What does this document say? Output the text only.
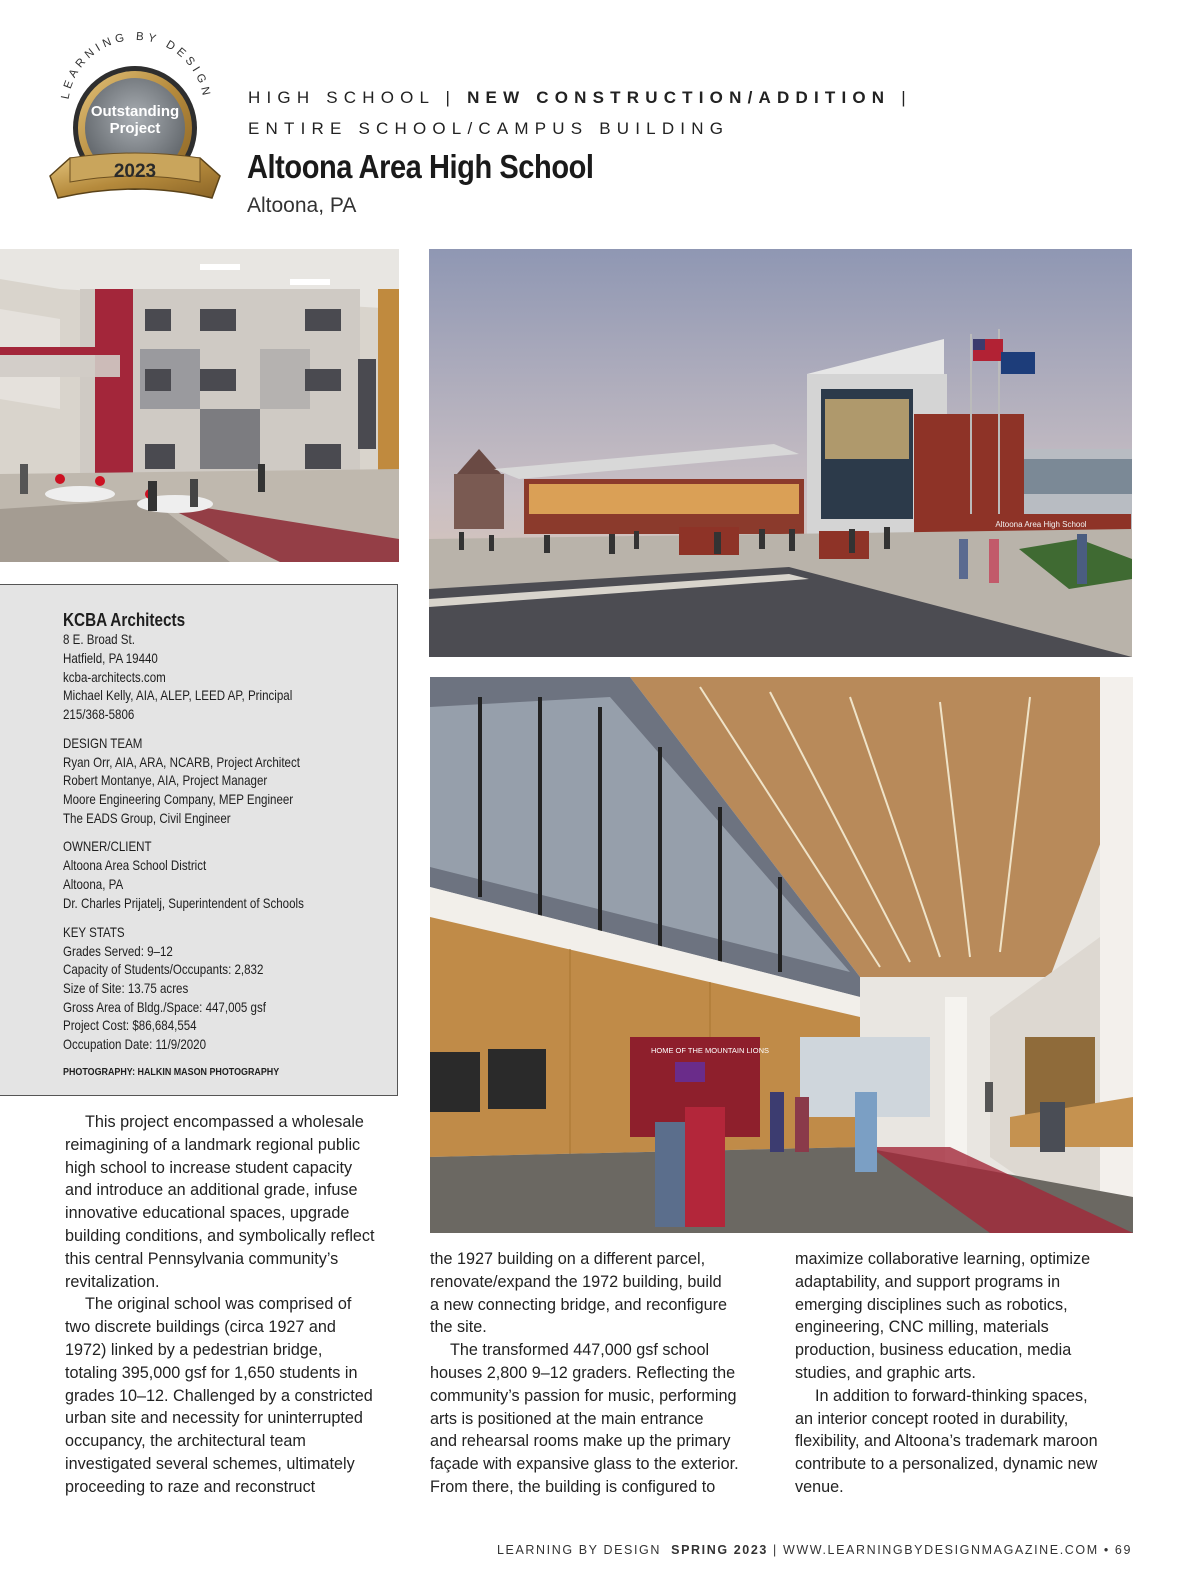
LEARNING BY DESIGN
Outstanding
Project
2023
HIGH SCHOOL | NEW CONSTRUCTION/ADDITION |
ENTIRE SCHOOL/CAMPUS BUILDING
Altoona Area High School
Altoona, PA
Altoona Area High School
HOME OF THE MOUNTAIN LIONS
KCBA Architects
8 E. Broad St.
Hatfield, PA 19440
kcba-architects.com
Michael Kelly, AIA, ALEP, LEED AP, Principal
215/368-5806
DESIGN TEAM
Ryan Orr, AIA, ARA, NCARB, Project Architect
Robert Montanye, AIA, Project Manager
Moore Engineering Company, MEP Engineer
The EADS Group, Civil Engineer
OWNER/CLIENT
Altoona Area School District
Altoona, PA
Dr. Charles Prijatelj, Superintendent of Schools
KEY STATS
Grades Served: 9–12
Capacity of Students/Occupants: 2,832
Size of Site: 13.75 acres
Gross Area of Bldg./Space: 447,005 gsf
Project Cost: $86,684,554
Occupation Date: 11/9/2020
PHOTOGRAPHY: HALKIN MASON PHOTOGRAPHY

This project encompassed a wholesale

reimagining of a landmark regional public

high school to increase student capacity

and introduce an additional grade, infuse

innovative educational spaces, upgrade

building conditions, and symbolically reflect

this central Pennsylvania community’s

revitalization.

The original school was comprised of

two discrete buildings (circa 1927 and

1972) linked by a pedestrian bridge,

totaling 395,000 gsf for 1,650 students in

grades 10–12. Challenged by a constricted

urban site and necessity for uninterrupted

occupancy, the architectural team

investigated several schemes, ultimately

proceeding to raze and reconstruct

the 1927 building on a different parcel,

renovate/expand the 1972 building, build

a new connecting bridge, and reconfigure

the site.

The transformed 447,000 gsf school

houses 2,800 9–12 graders. Reflecting the

community’s passion for music, performing

arts is positioned at the main entrance

and rehearsal rooms make up the primary

façade with expansive glass to the exterior.

From there, the building is configured to

maximize collaborative learning, optimize

adaptability, and support programs in

emerging disciplines such as robotics,

engineering, CNC milling, materials

production, business education, media

studies, and graphic arts.

In addition to forward-thinking spaces,

an interior concept rooted in durability,

flexibility, and Altoona’s trademark maroon

contribute to a personalized, dynamic new

venue.

LEARNING BY DESIGN SPRING 2023 | WWW.LEARNINGBYDESIGNMAGAZINE.COM • 69
